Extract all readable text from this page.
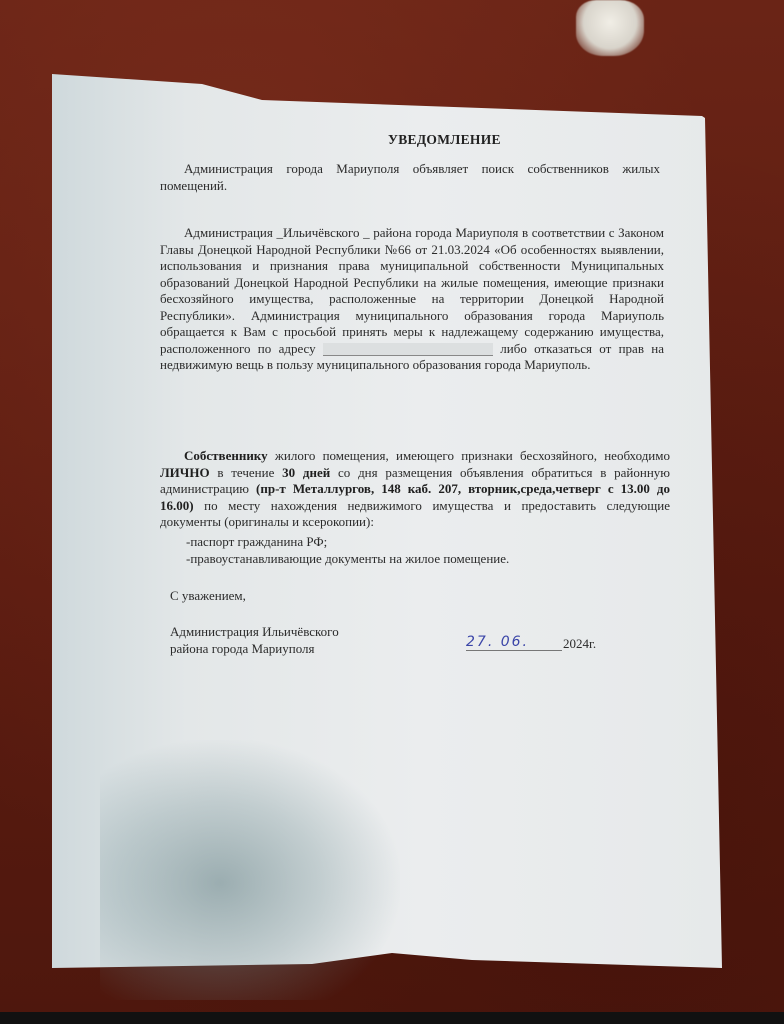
УВЕДОМЛЕНИЕ
Администрация города Мариуполя объявляет поиск собственников жилых помещений.
Администрация _Ильичёвского _ района города Мариуполя в соответствии с Законом Главы Донецкой Народной Республики №66 от 21.03.2024 «Об особенностях выявлении, использования и признания права муниципальной собственности Муниципальных образований Донецкой Народной Республики на жилые помещения, имеющие признаки бесхозяйного имущества, расположенные на территории Донецкой Народной Республики». Администрация муниципального образования города Мариуполь обращается к Вам с просьбой принять меры к надлежащему содержанию имущества, расположенного по адресу	либо отказаться от прав на недвижимую вещь в пользу муниципального образования города Мариуполь.
Собственнику жилого помещения, имеющего признаки бесхозяйного, необходимо ЛИЧНО в течение 30 дней со дня размещения объявления обратиться в районную администрацию (пр-т Металлургов, 148 каб. 207, вторник,среда,четверг с 13.00 до 16.00) по месту нахождения недвижимого имущества и предоставить следующие документы (оригиналы и ксерокопии):
-паспорт гражданина РФ;
-правоустанавливающие документы на жилое помещение.
С уважением,
Администрация Ильичёвского
района города Мариуполя	27. 06.	2024г.
